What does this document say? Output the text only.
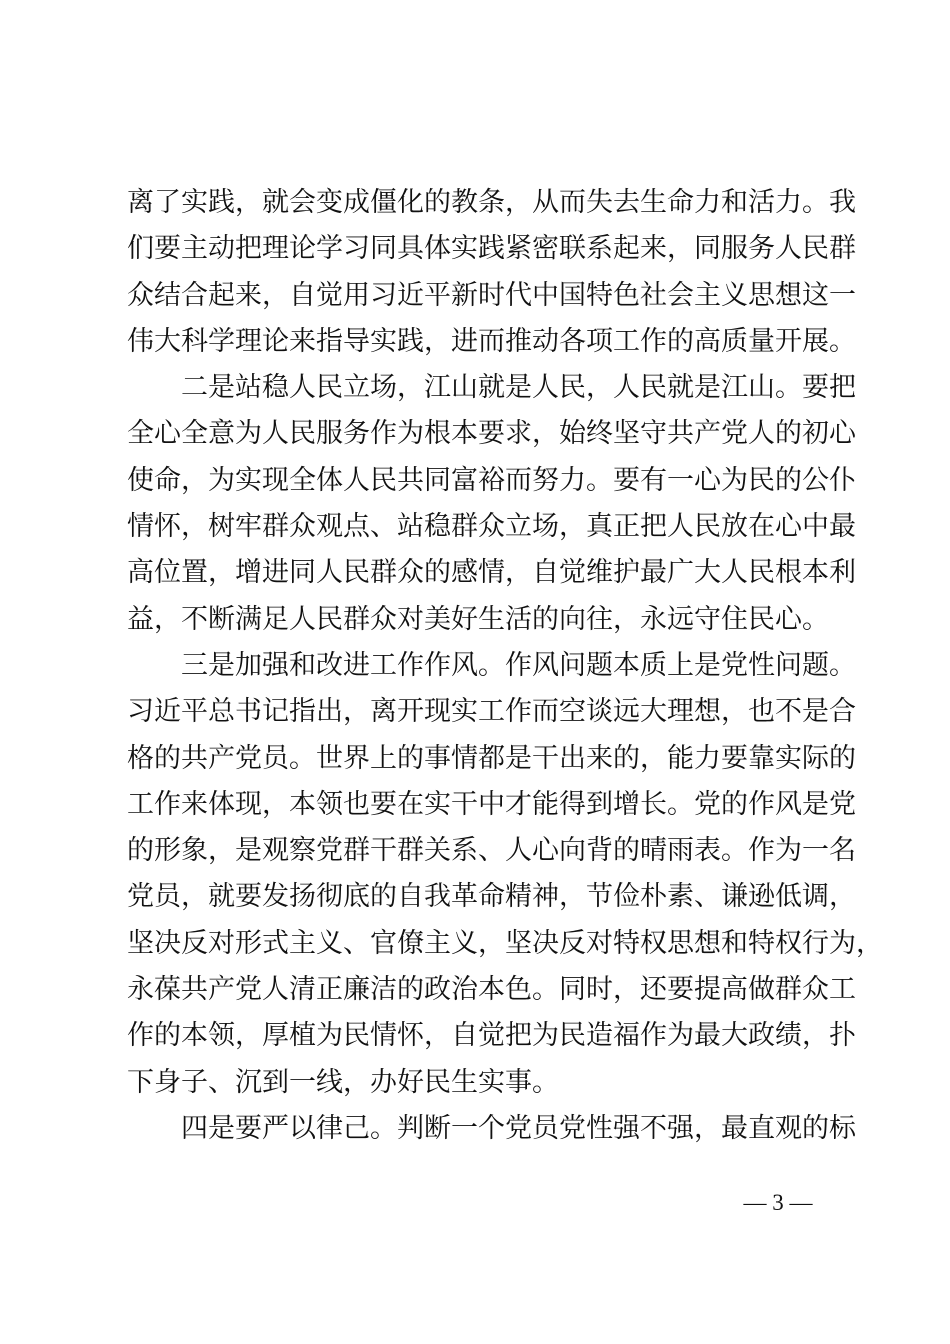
离了实践，就会变成僵化的教条，从而失去生命力和活力。我
们要主动把理论学习同具体实践紧密联系起来，同服务人民群
众结合起来，自觉用习近平新时代中国特色社会主义思想这一
伟大科学理论来指导实践，进而推动各项工作的高质量开展。
二是站稳人民立场，江山就是人民，人民就是江山。要把
全心全意为人民服务作为根本要求，始终坚守共产党人的初心
使命，为实现全体人民共同富裕而努力。要有一心为民的公仆
情怀，树牢群众观点、站稳群众立场，真正把人民放在心中最
高位置，增进同人民群众的感情，自觉维护最广大人民根本利
益，不断满足人民群众对美好生活的向往，永远守住民心。
三是加强和改进工作作风。作风问题本质上是党性问题。
习近平总书记指出，离开现实工作而空谈远大理想，也不是合
格的共产党员。世界上的事情都是干出来的，能力要靠实际的
工作来体现，本领也要在实干中才能得到增长。党的作风是党
的形象，是观察党群干群关系、人心向背的晴雨表。作为一名
党员，就要发扬彻底的自我革命精神，节俭朴素、谦逊低调，
坚决反对形式主义、官僚主义，坚决反对特权思想和特权行为，
永葆共产党人清正廉洁的政治本色。同时，还要提高做群众工
作的本领，厚植为民情怀，自觉把为民造福作为最大政绩，扑
下身子、沉到一线，办好民生实事。
四是要严以律己。判断一个党员党性强不强，最直观的标
— 3 —
